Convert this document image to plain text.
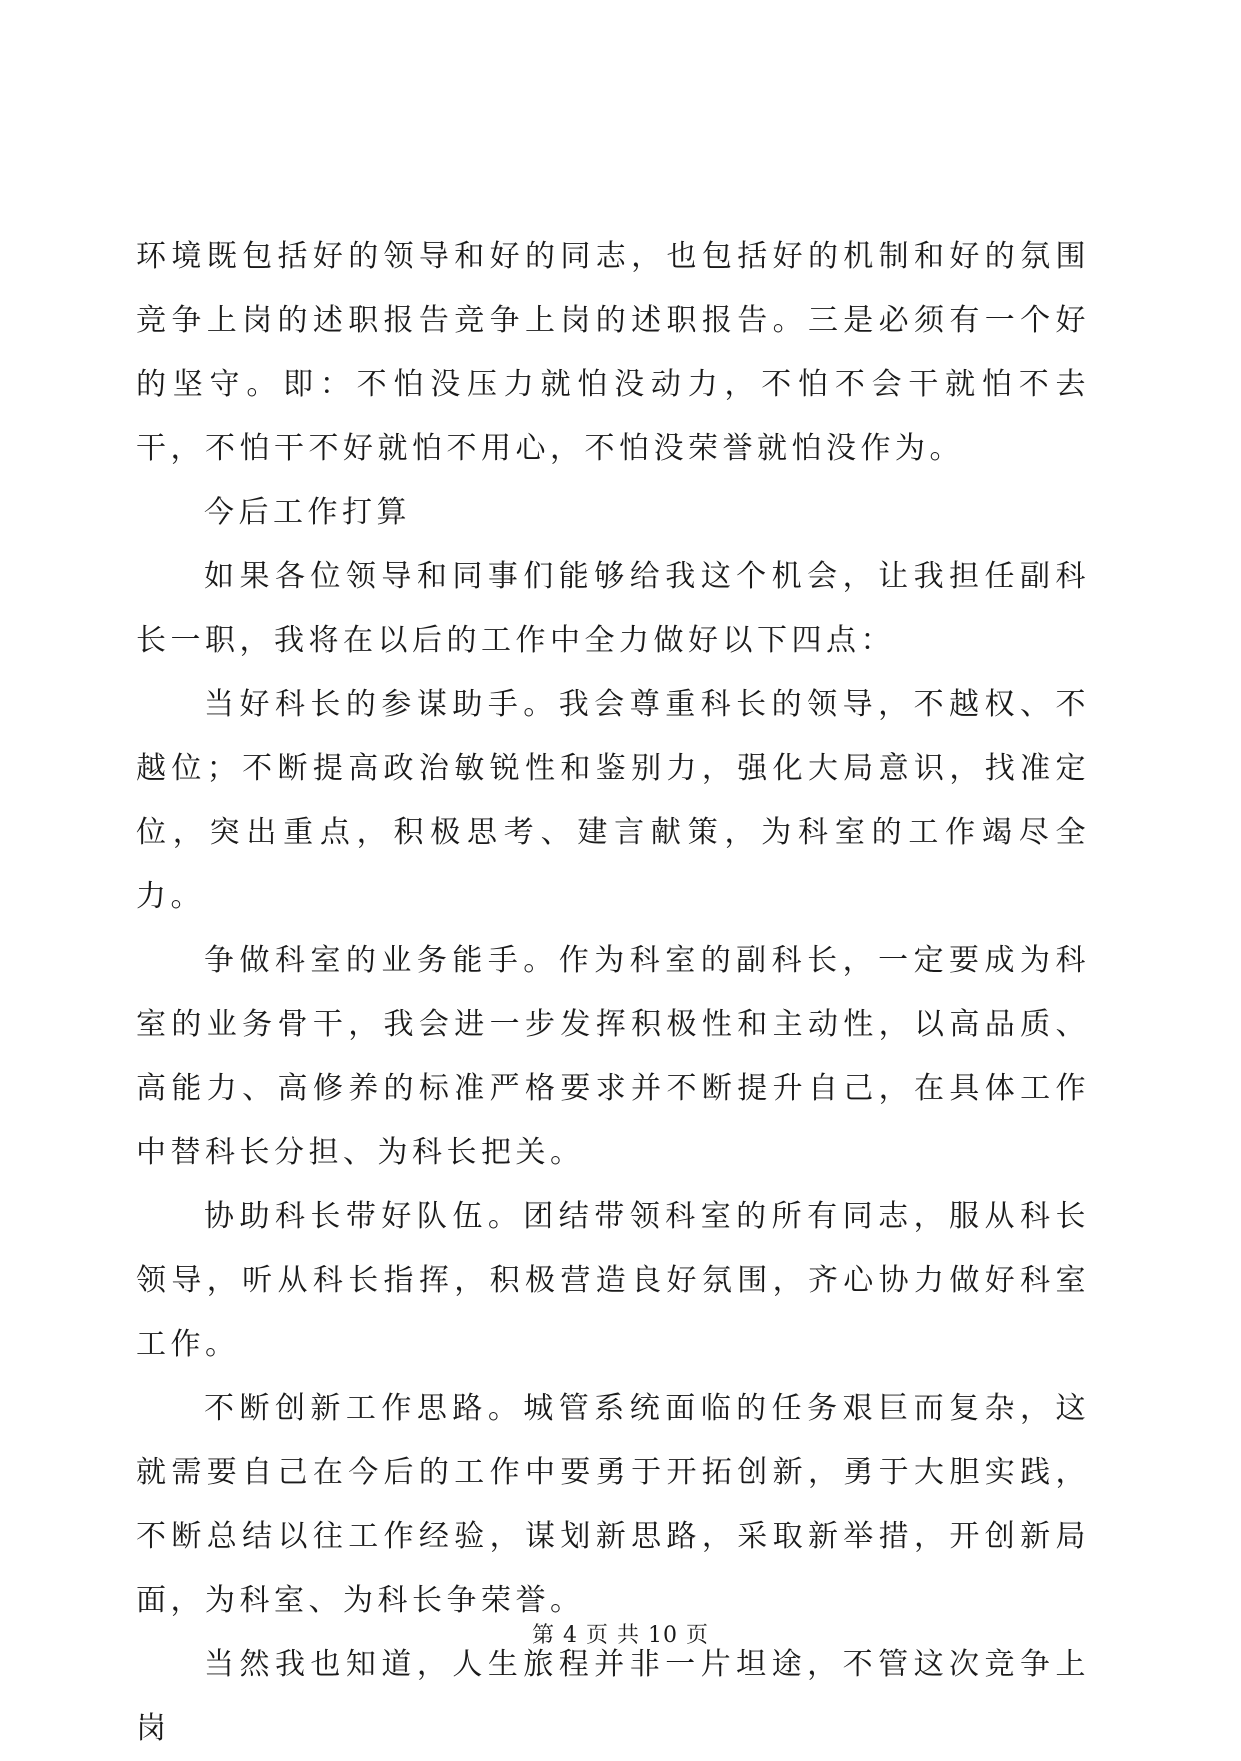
环境既包括好的领导和好的同志，也包括好的机制和好的氛围竞争上岗的述职报告竞争上岗的述职报告。三是必须有一个好的坚守。即：不怕没压力就怕没动力，不怕不会干就怕不去干，不怕干不好就怕不用心，不怕没荣誉就怕没作为。

今后工作打算

如果各位领导和同事们能够给我这个机会，让我担任副科长一职，我将在以后的工作中全力做好以下四点：

当好科长的参谋助手。我会尊重科长的领导，不越权、不越位；不断提高政治敏锐性和鉴别力，强化大局意识，找准定位，突出重点，积极思考、建言献策，为科室的工作竭尽全力。

争做科室的业务能手。作为科室的副科长，一定要成为科室的业务骨干，我会进一步发挥积极性和主动性，以高品质、高能力、高修养的标准严格要求并不断提升自己，在具体工作中替科长分担、为科长把关。

协助科长带好队伍。团结带领科室的所有同志，服从科长领导，听从科长指挥，积极营造良好氛围，齐心协力做好科室工作。

不断创新工作思路。城管系统面临的任务艰巨而复杂，这就需要自己在今后的工作中要勇于开拓创新，勇于大胆实践，不断总结以往工作经验，谋划新思路，采取新举措，开创新局面，为科室、为科长争荣誉。

当然我也知道，人生旅程并非一片坦途，不管这次竞争上岗

第 4 页 共 10 页
